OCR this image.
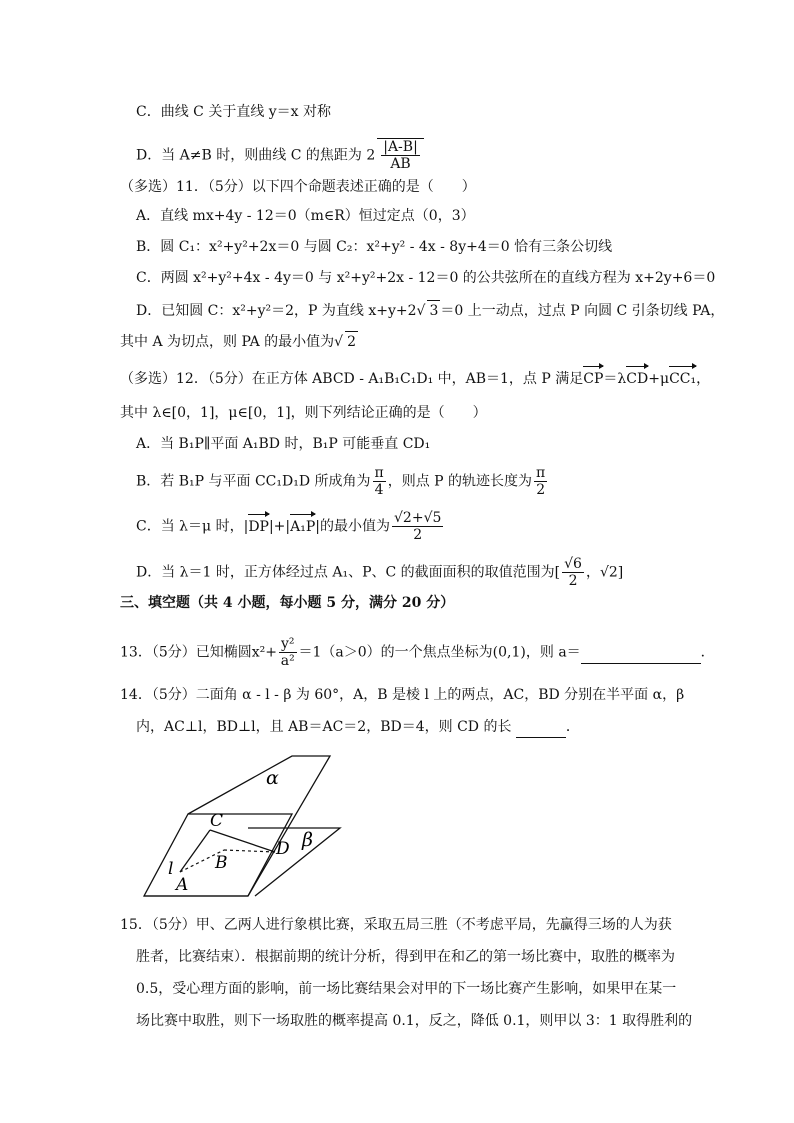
C．曲线 C 关于直线 y＝x 对称
D．当 A≠B 时，则曲线 C 的焦距为 $2 \frac{|A-B|}{AB}$
（多选）11．（5分）以下四个命题表述正确的是（　　）
A．直线 mx+4y - 12＝0（m∈R）恒过定点（0，3）
B．圆 C₁：x²+y²+2x＝0 与圆 C₂：x²+y² - 4x - 8y+4＝0 恰有三条公切线
C．两圆 x²+y²+4x - 4y＝0 与 x²+y²+2x - 12＝0 的公共弦所在的直线方程为 x+2y+6＝0
D．已知圆 C：x²+y²＝2，P 为直线 x+y+2√ 3 ＝0 上一动点，过点 P 向圆 C 引条切线 PA，
其中 A 为切点，则 PA 的最小值为√ 2
（多选）12．（5分）在正方体 ABCD - A₁B₁C₁D₁ 中，AB＝1，点 P 满足CP＝λCD+μCC₁，
其中 λ∈[0，1]，μ∈[0，1]，则下列结论正确的是（　　）
A．当 B₁P∥平面 A₁BD 时，B₁P 可能垂直 CD₁
B．若 B₁P 与平面 CC₁D₁D 所成角为 $\frac{\pi}{4}$ ，则点 P 的轨迹长度为 $\frac{\pi}{2}$
C．当 λ＝μ 时，|DP|+|A₁P|的最小值为 $\frac{√2+√5}{2}$
D．当 λ＝1 时，正方体经过点 A₁、P、C 的截面面积的取值范围为[ $\frac{√6}{2}$ ，√2]
三、填空题（共 4 小题，每小题 5 分，满分 20 分）
13．（5分）已知椭圆$x^2+ \frac{\text{y²}}{\text{a²}} =1(a>0)$的一个焦点坐标为(0,1)，则 a＝	．
14．（5分）二面角 α - l - β 为 60°，A，B 是棱 l 上的两点，AC，BD 分别在半平面 α，β
内，AC⊥l，BD⊥l，且 AB＝AC＝2，BD＝4，则 CD 的长	．
α
β
C
D
B
A
l
15．（5分）甲、乙两人进行象棋比赛，采取五局三胜（不考虑平局，先赢得三场的人为获
胜者，比赛结束）．根据前期的统计分析，得到甲在和乙的第一场比赛中，取胜的概率为
0.5，受心理方面的影响，前一场比赛结果会对甲的下一场比赛产生影响，如果甲在某一
场比赛中取胜，则下一场取胜的概率提高 0.1，反之，降低 0.1，则甲以 3：1 取得胜利的
